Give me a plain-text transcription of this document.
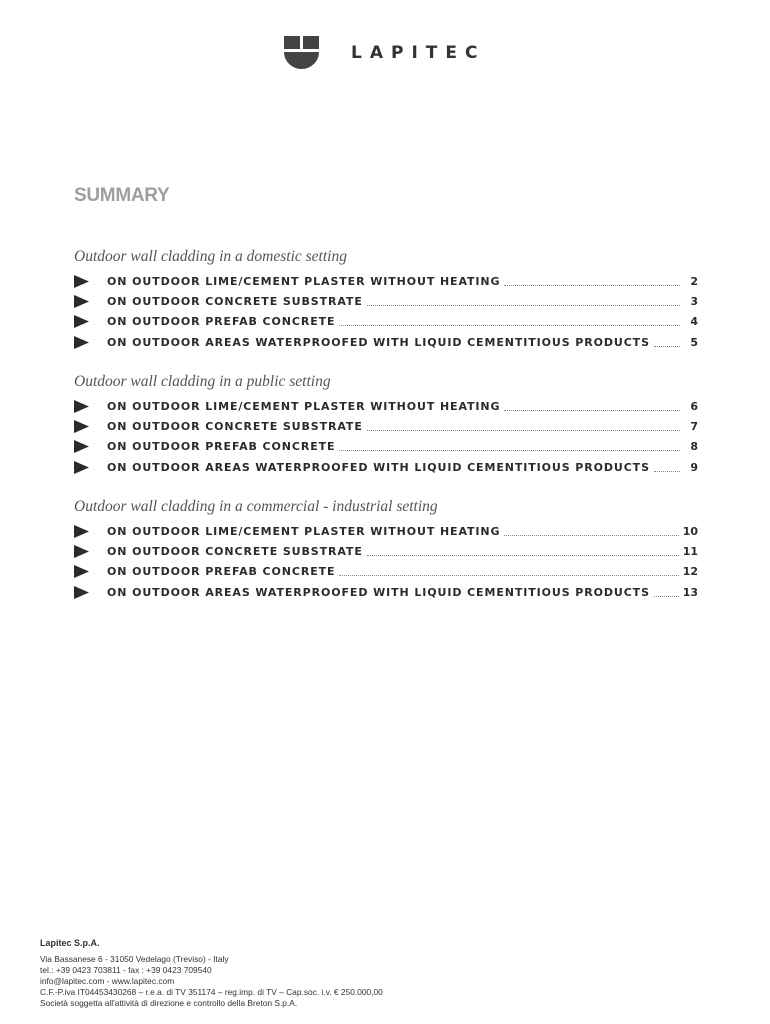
LAPITEC
SUMMARY
Outdoor wall cladding in a domestic setting
ON OUTDOOR LIME/CEMENT PLASTER WITHOUT HEATING	2
ON OUTDOOR CONCRETE SUBSTRATE	3
ON OUTDOOR PREFAB CONCRETE	4
ON OUTDOOR AREAS WATERPROOFED WITH LIQUID CEMENTITIOUS PRODUCTS	5
Outdoor wall cladding in a public setting
ON OUTDOOR LIME/CEMENT PLASTER WITHOUT HEATING	6
ON OUTDOOR CONCRETE SUBSTRATE	7
ON OUTDOOR PREFAB CONCRETE	8
ON OUTDOOR AREAS WATERPROOFED WITH LIQUID CEMENTITIOUS PRODUCTS	9
Outdoor wall cladding in a commercial - industrial setting
ON OUTDOOR LIME/CEMENT PLASTER WITHOUT HEATING	10
ON OUTDOOR CONCRETE SUBSTRATE	11
ON OUTDOOR PREFAB CONCRETE	12
ON OUTDOOR AREAS WATERPROOFED WITH LIQUID CEMENTITIOUS PRODUCTS	13
Lapitec S.p.A.
Via Bassanese 6 - 31050 Vedelago (Treviso) - Italy
tel.: +39 0423 703811 - fax : +39 0423 709540
info@lapitec.com - www.lapitec.com
C.F.-P.iva IT04453430268 – r.e.a. di TV 351174 – reg.imp. di TV – Cap.soc. i.v. € 250.000,00
Società soggetta all'attività di direzione e controllo della Breton S.p.A.
